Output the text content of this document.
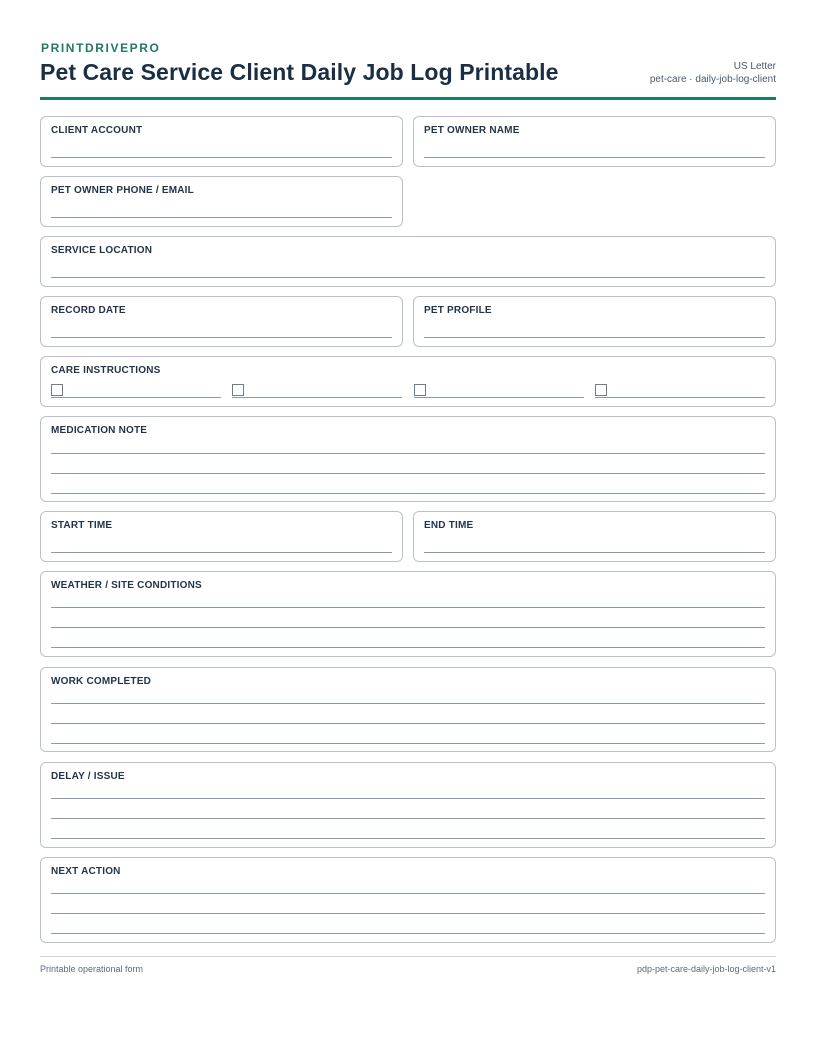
PRINTDRIVEPRO
Pet Care Service Client Daily Job Log Printable	US Letter
pet-care · daily-job-log-client
CLIENT ACCOUNT	PET OWNER NAME
PET OWNER PHONE / EMAIL
SERVICE LOCATION
RECORD DATE	PET PROFILE
CARE INSTRUCTIONS
MEDICATION NOTE
START TIME	END TIME
WEATHER / SITE CONDITIONS
WORK COMPLETED
DELAY / ISSUE
NEXT ACTION
Printable operational form	pdp-pet-care-daily-job-log-client-v1
